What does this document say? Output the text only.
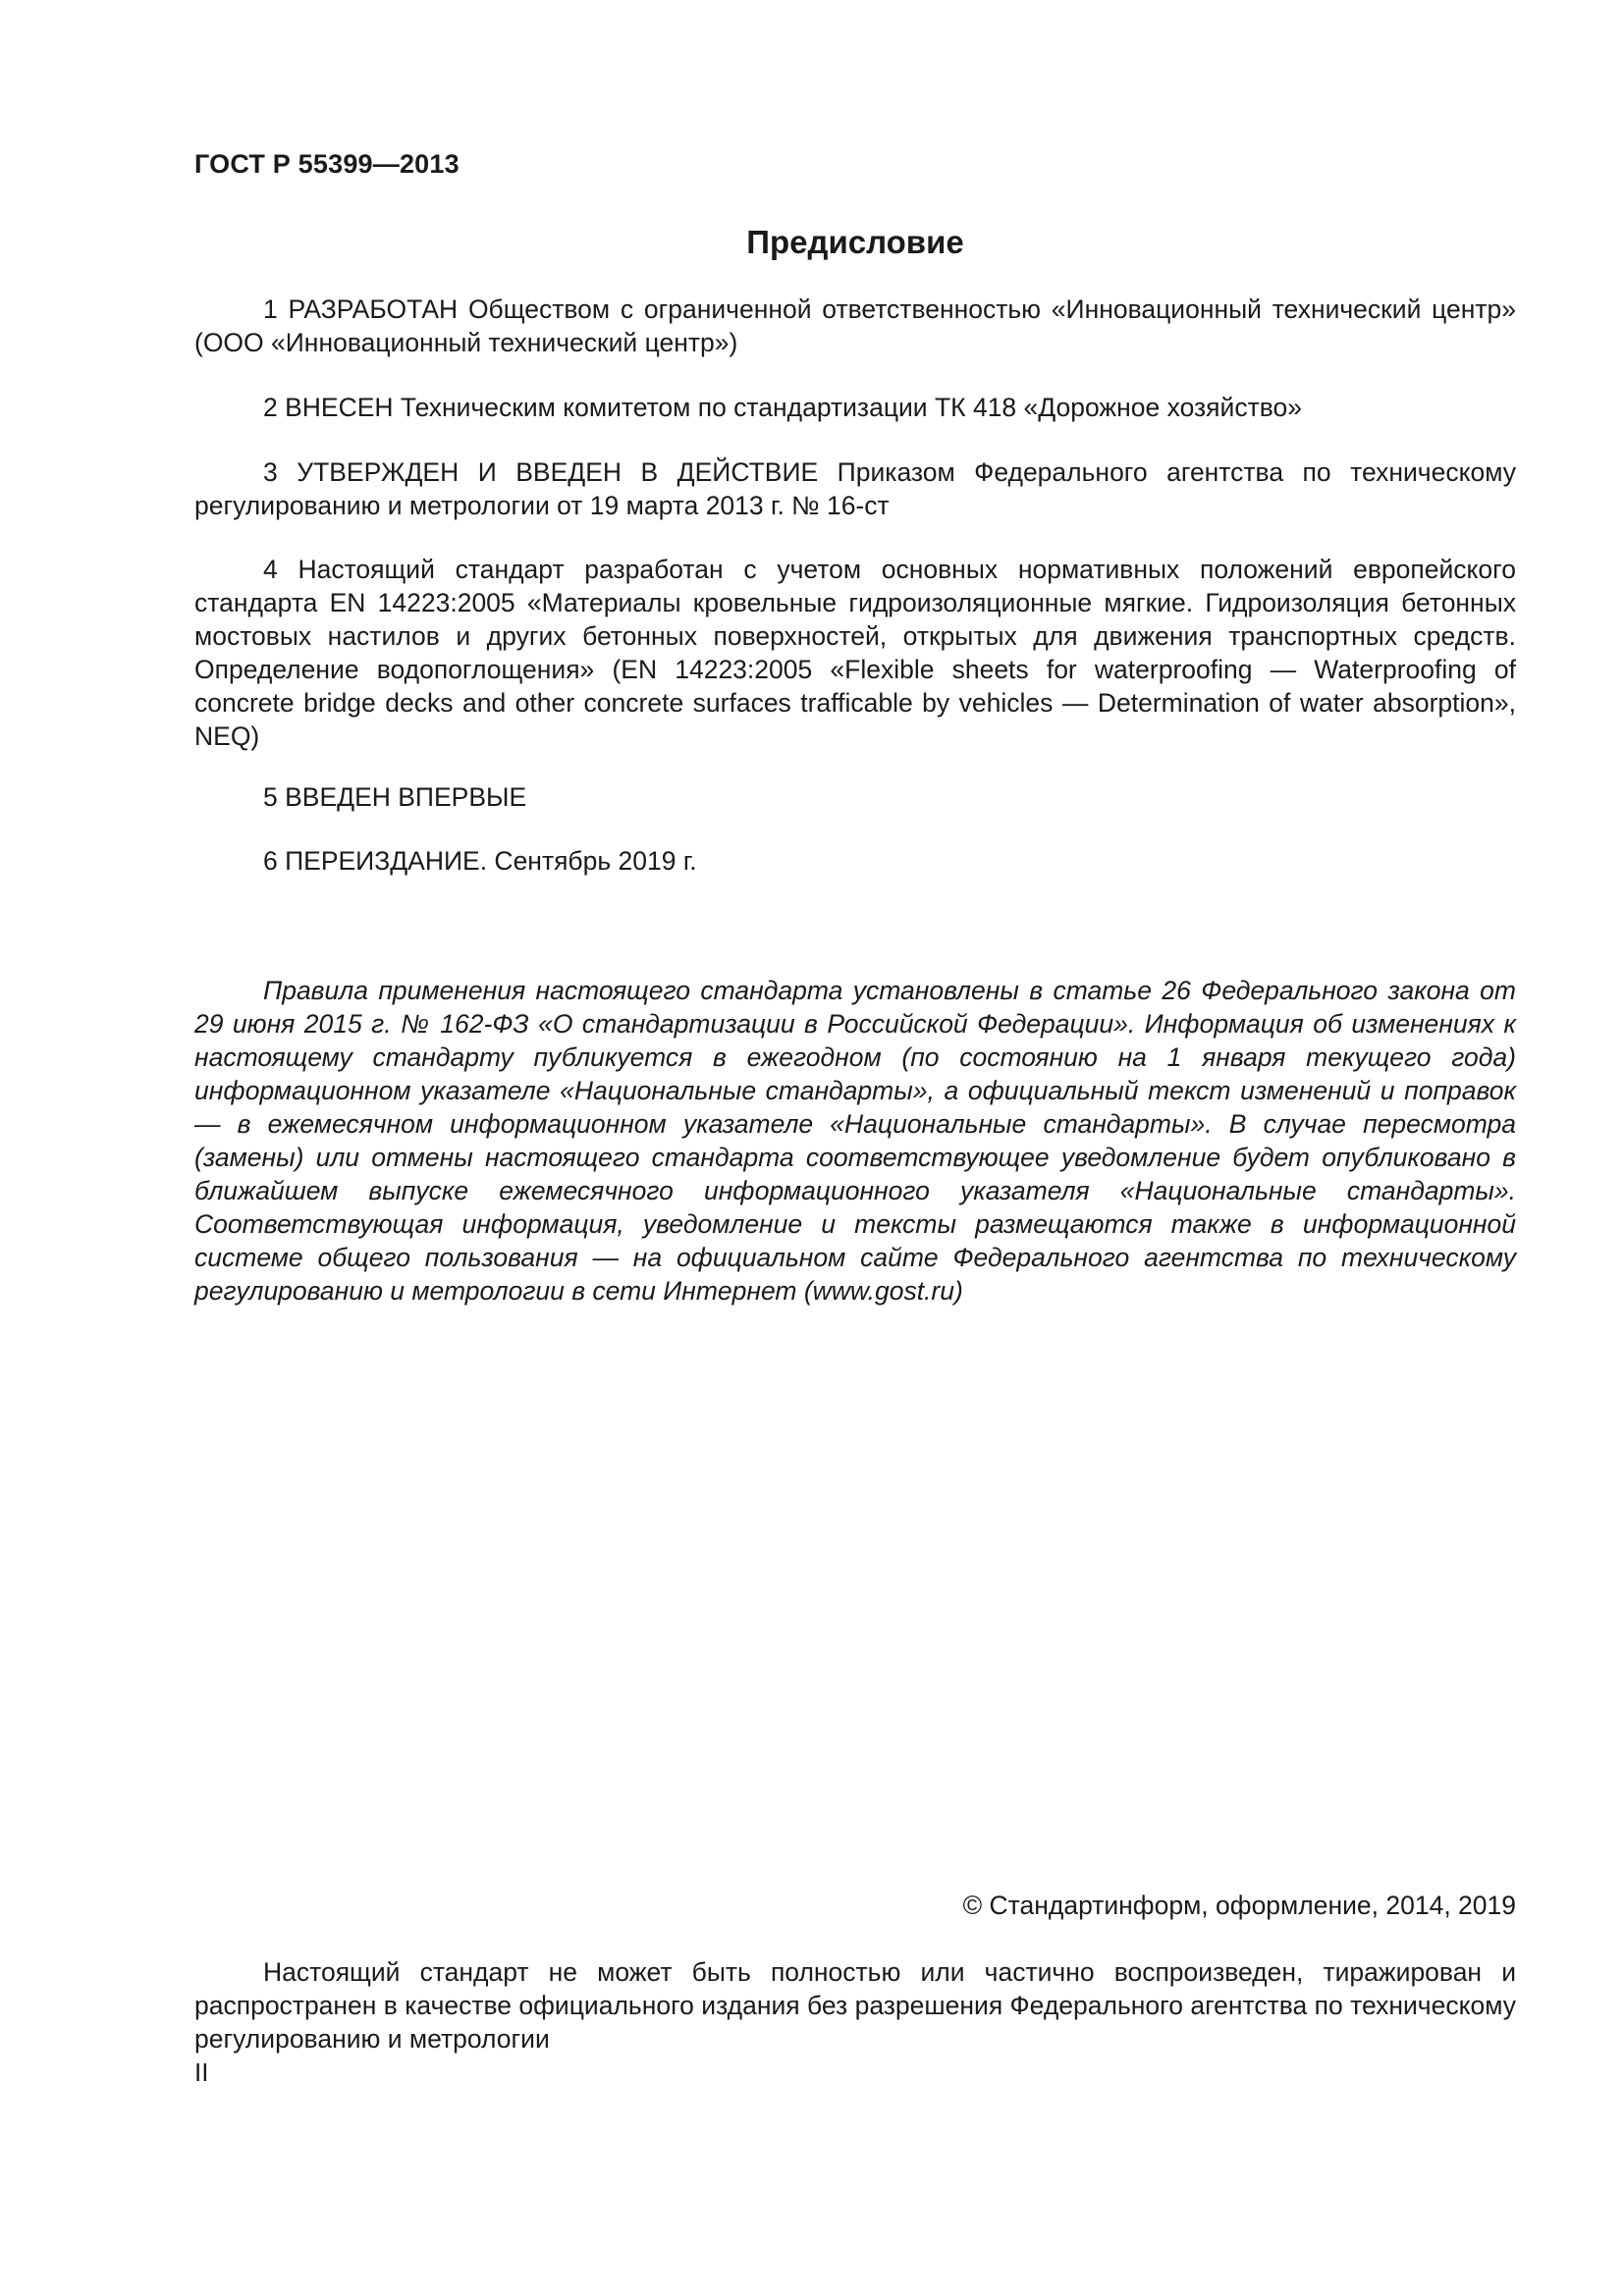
ГОСТ Р 55399—2013
Предисловие

1 РАЗРАБОТАН Обществом с ограниченной ответственностью «Инновационный технический центр» (ООО «Инновационный технический центр»)

2 ВНЕСЕН Техническим комитетом по стандартизации ТК 418 «Дорожное хозяйство»

3 УТВЕРЖДЕН И ВВЕДЕН В ДЕЙСТВИЕ Приказом Федерального агентства по техническому регулированию и метрологии от 19 марта 2013 г. № 16-ст

4 Настоящий стандарт разработан с учетом основных нормативных положений европейского стандарта EN 14223:2005 «Материалы кровельные гидроизоляционные мягкие. Гидроизоляция бетонных мостовых настилов и других бетонных поверхностей, открытых для движения транспортных средств. Определение водопоглощения» (EN 14223:2005 «Flexible sheets for waterproofing — Waterproofing of concrete bridge decks and other concrete surfaces trafficable by vehicles — Determination of water absorption», NEQ)

5 ВВЕДЕН ВПЕРВЫЕ

6 ПЕРЕИЗДАНИЕ. Сентябрь 2019 г.

Правила применения настоящего стандарта установлены в статье 26 Федерального закона от 29 июня 2015 г. № 162-ФЗ «О стандартизации в Российской Федерации». Информация об изменениях к настоящему стандарту публикуется в ежегодном (по состоянию на 1 января текущего года) информационном указателе «Национальные стандарты», а официальный текст изменений и поправок — в ежемесячном информационном указателе «Национальные стандарты». В случае пересмотра (замены) или отмены настоящего стандарта соответствующее уведомление будет опубликовано в ближайшем выпуске ежемесячного информационного указателя «Национальные стандарты». Соответствующая информация, уведомление и тексты размещаются также в информационной системе общего пользования — на официальном сайте Федерального агентства по техническому регулированию и метрологии в сети Интернет (www.gost.ru)

© Стандартинформ, оформление, 2014, 2019

Настоящий стандарт не может быть полностью или частично воспроизведен, тиражирован и распространен в качестве официального издания без разрешения Федерального агентства по техническому регулированию и метрологии

II
